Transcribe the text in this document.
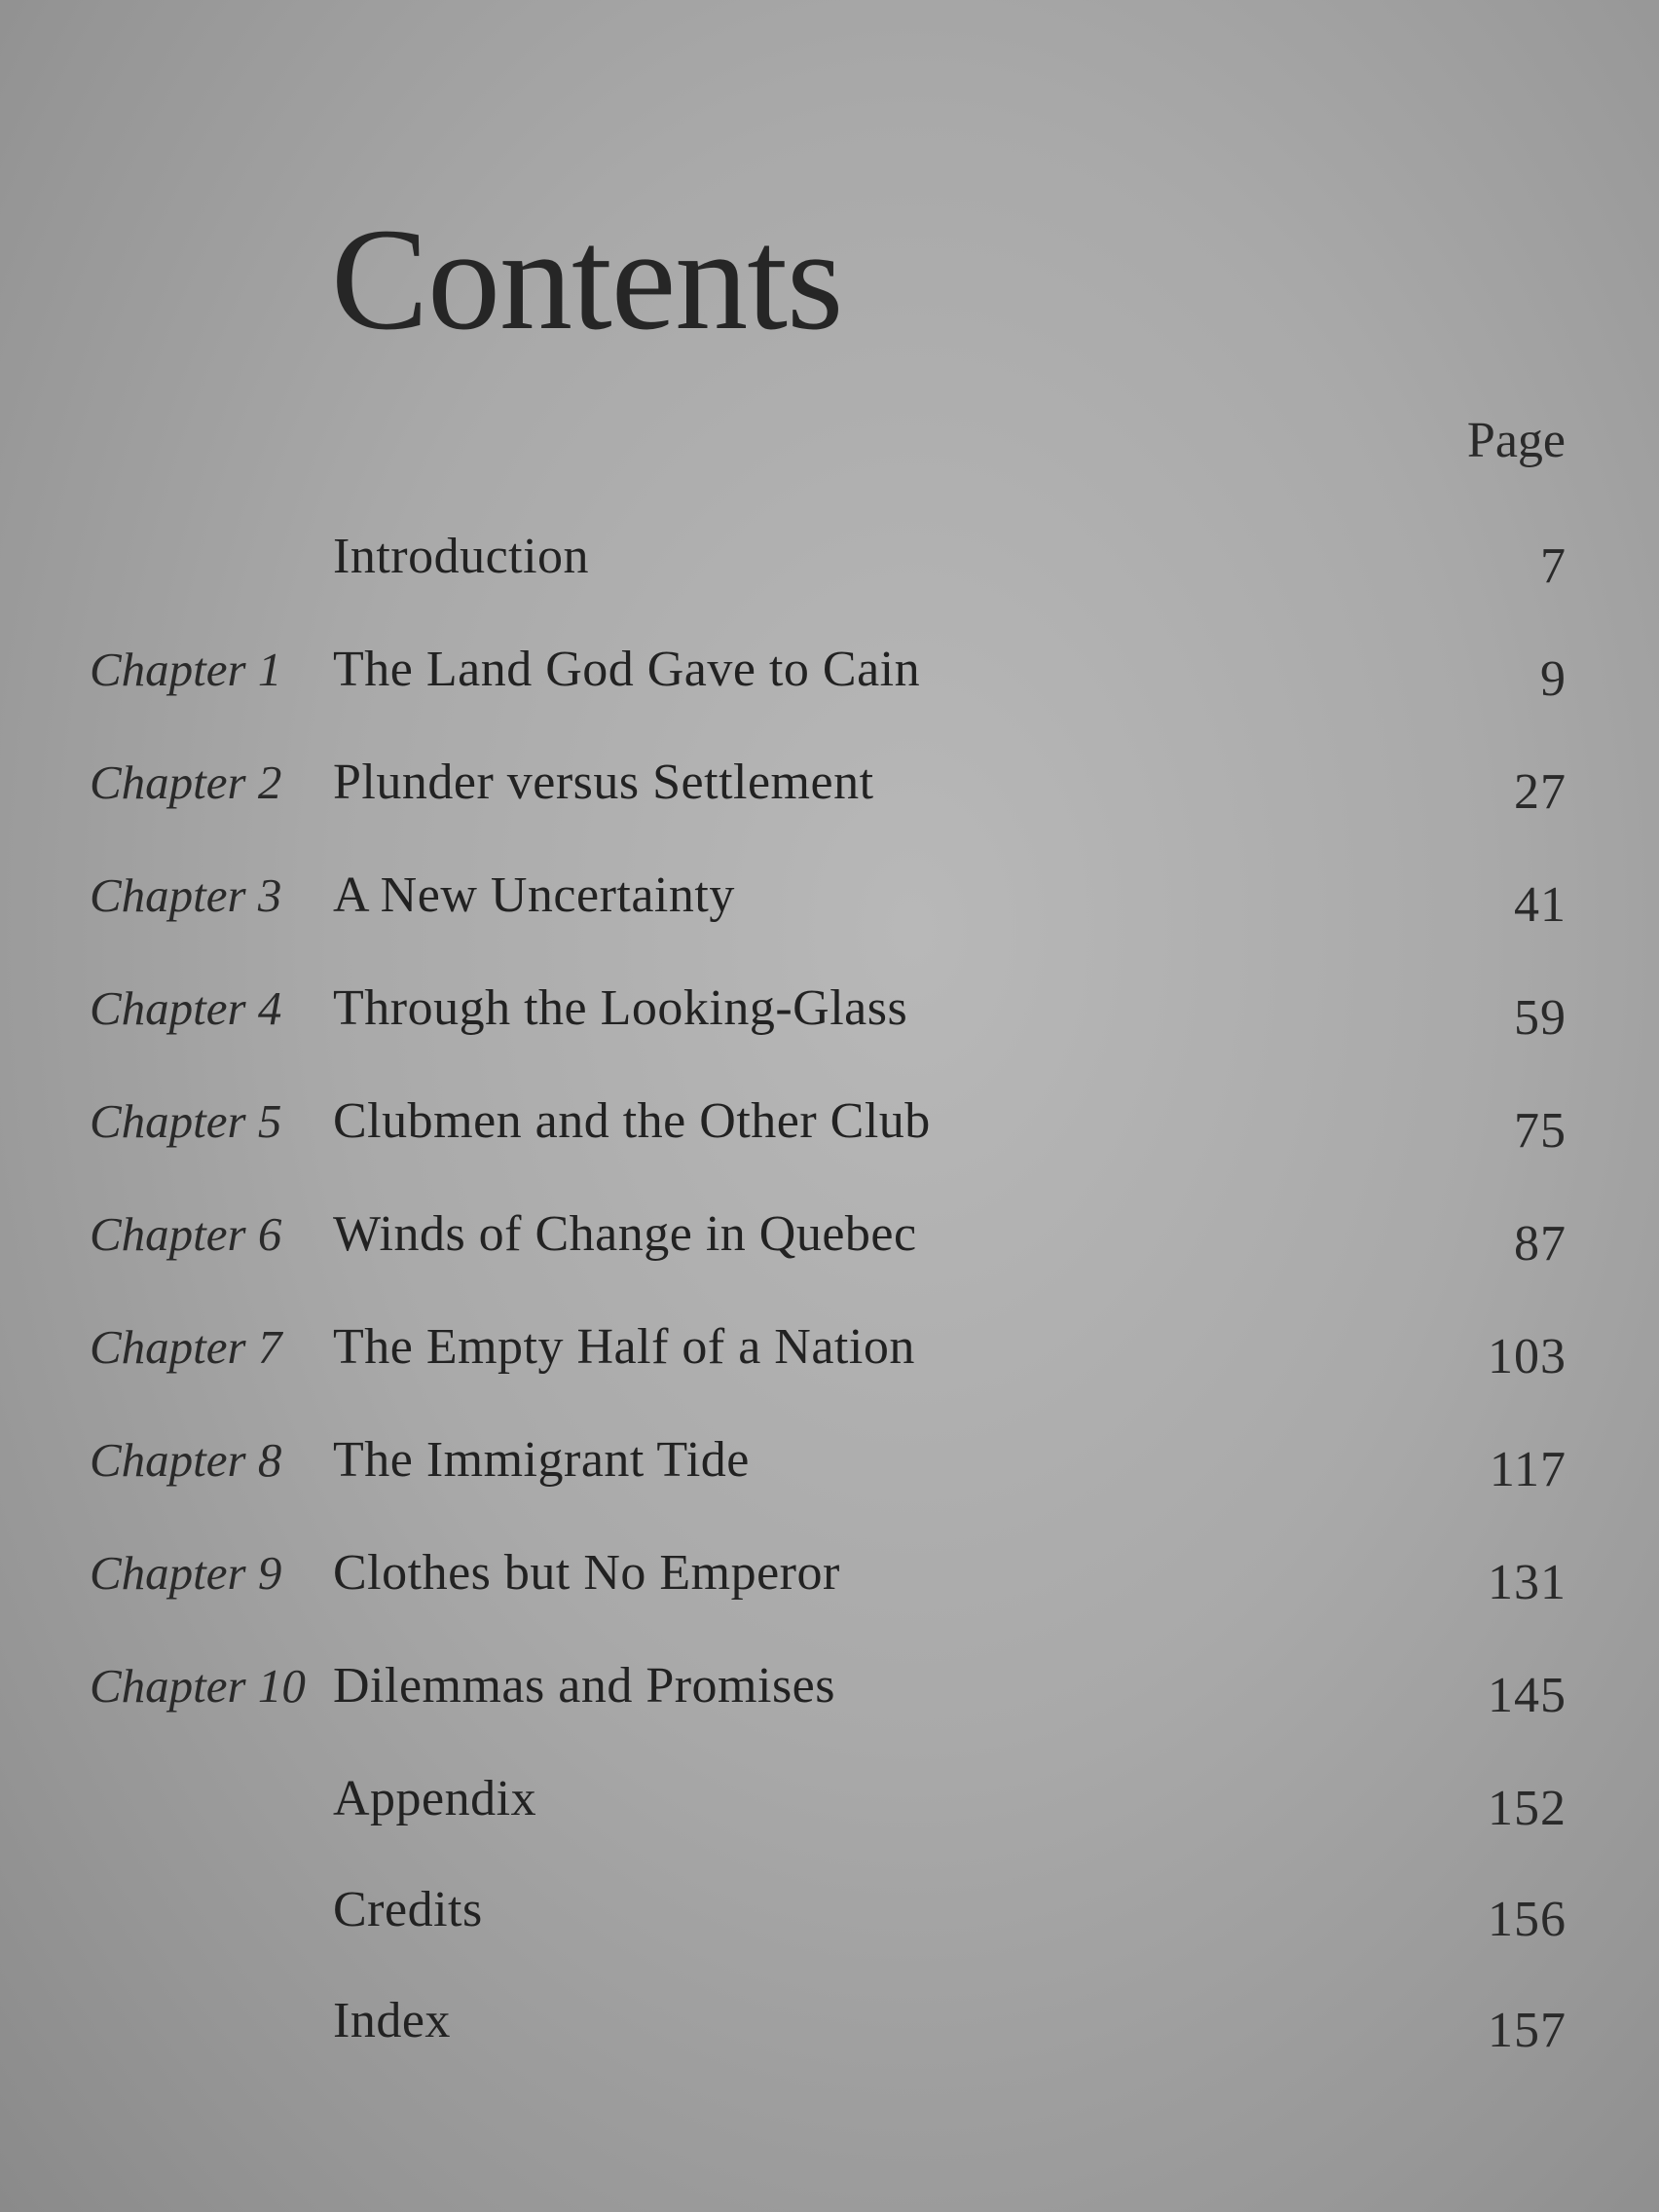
Contents
Page
Introduction	7
Chapter 1 The Land God Gave to Cain	9
Chapter 2 Plunder versus Settlement	27
Chapter 3 A New Uncertainty	41
Chapter 4 Through the Looking-Glass	59
Chapter 5 Clubmen and the Other Club	75
Chapter 6 Winds of Change in Quebec	87
Chapter 7 The Empty Half of a Nation	103
Chapter 8 The Immigrant Tide	117
Chapter 9 Clothes but No Emperor	131
Chapter 10 Dilemmas and Promises	145
Appendix	152
Credits	156
Index	157
